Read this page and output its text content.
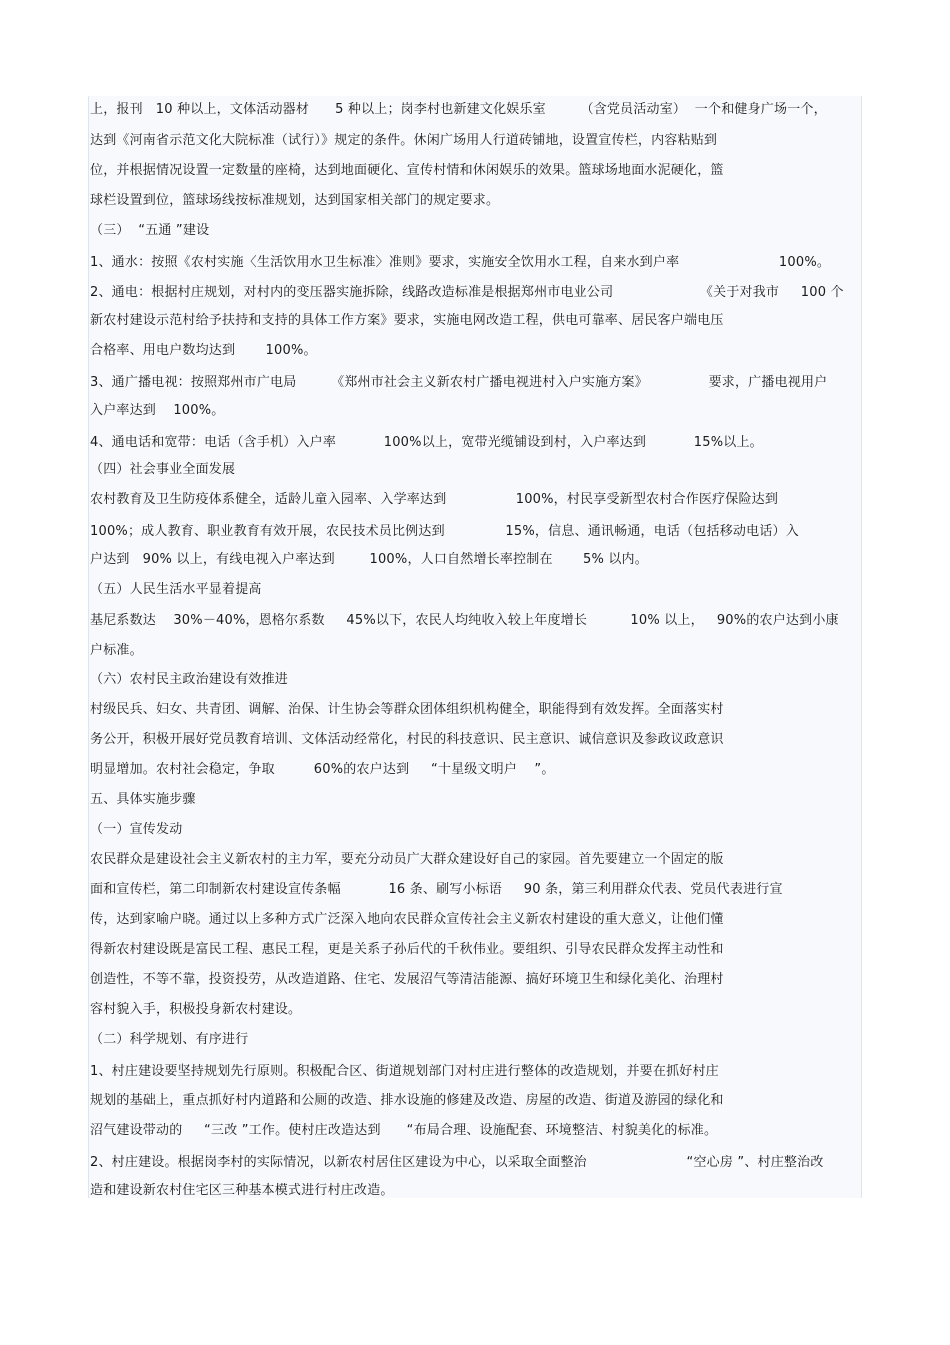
上，报刊   10 种以上，文体活动器材      5 种以上；岗李村也新建文化娱乐室        （含党员活动室）  一个和健身广场一个，
达到《河南省示范文化大院标准（试行）》规定的条件。休闲广场用人行道砖铺地，设置宣传栏，内容粘贴到
位，并根据情况设置一定数量的座椅，达到地面硬化、宣传村情和休闲娱乐的效果。篮球场地面水泥硬化，篮
球栏设置到位，篮球场线按标准规划，达到国家相关部门的规定要求。
（三）  “五通 ”建设
1、通水：按照《农村实施〈生活饮用水卫生标准〉准则》要求，实施安全饮用水工程，自来水到户率                       100%。
2、通电：根据村庄规划，对村内的变压器实施拆除，线路改造标准是根据郑州市电业公司                    《关于对我市     100 个
新农村建设示范村给予扶持和支持的具体工作方案》要求，实施电网改造工程，供电可靠率、居民客户端电压
合格率、用电户数均达到       100%。
3、通广播电视：按照郑州市广电局        《郑州市社会主义新农村广播电视进村入户实施方案》              要求，广播电视用户
入户率达到    100%。
4、通电话和宽带：电话（含手机）入户率           100%以上，宽带光缆铺设到村，入户率达到           15%以上。
（四）社会事业全面发展
农村教育及卫生防疫体系健全，适龄儿童入园率、入学率达到                100%，村民享受新型农村合作医疗保险达到
100%；成人教育、职业教育有效开展，农民技术员比例达到              15%，信息、通讯畅通，电话（包括移动电话）入
户达到   90% 以上，有线电视入户率达到        100%，人口自然增长率控制在       5% 以内。
（五）人民生活水平显着提高
基尼系数达    30%－40%，恩格尔系数     45%以下，农民人均纯收入较上年度增长          10% 以上，   90%的农户达到小康
户标准。
（六）农村民主政治建设有效推进
村级民兵、妇女、共青团、调解、治保、计生协会等群众团体组织机构健全，职能得到有效发挥。全面落实村
务公开，积极开展好党员教育培训、文体活动经常化，村民的科技意识、民主意识、诚信意识及参政议政意识
明显增加。农村社会稳定，争取         60%的农户达到     “十星级文明户    ”。
五、具体实施步骤
（一）宣传发动
农民群众是建设社会主义新农村的主力军，要充分动员广大群众建设好自己的家园。首先要建立一个固定的版
面和宣传栏，第二印制新农村建设宣传条幅           16 条、刷写小标语     90 条，第三利用群众代表、党员代表进行宣
传，达到家喻户晓。通过以上多种方式广泛深入地向农民群众宣传社会主义新农村建设的重大意义，让他们懂
得新农村建设既是富民工程、惠民工程，更是关系子孙后代的千秋伟业。要组织、引导农民群众发挥主动性和
创造性，不等不靠，投资投劳，从改造道路、住宅、发展沼气等清洁能源、搞好环境卫生和绿化美化、治理村
容村貌入手，积极投身新农村建设。
（二）科学规划、有序进行
1、村庄建设要坚持规划先行原则。积极配合区、街道规划部门对村庄进行整体的改造规划，并要在抓好村庄
规划的基础上，重点抓好村内道路和公厕的改造、排水设施的修建及改造、房屋的改造、街道及游园的绿化和
沼气建设带动的     “三改 ”工作。使村庄改造达到      “布局合理、设施配套、环境整洁、村貌美化的标准。
2、村庄建设。根据岗李村的实际情况，以新农村居住区建设为中心，以采取全面整治                       “空心房 ”、村庄整治改
造和建设新农村住宅区三种基本模式进行村庄改造。
